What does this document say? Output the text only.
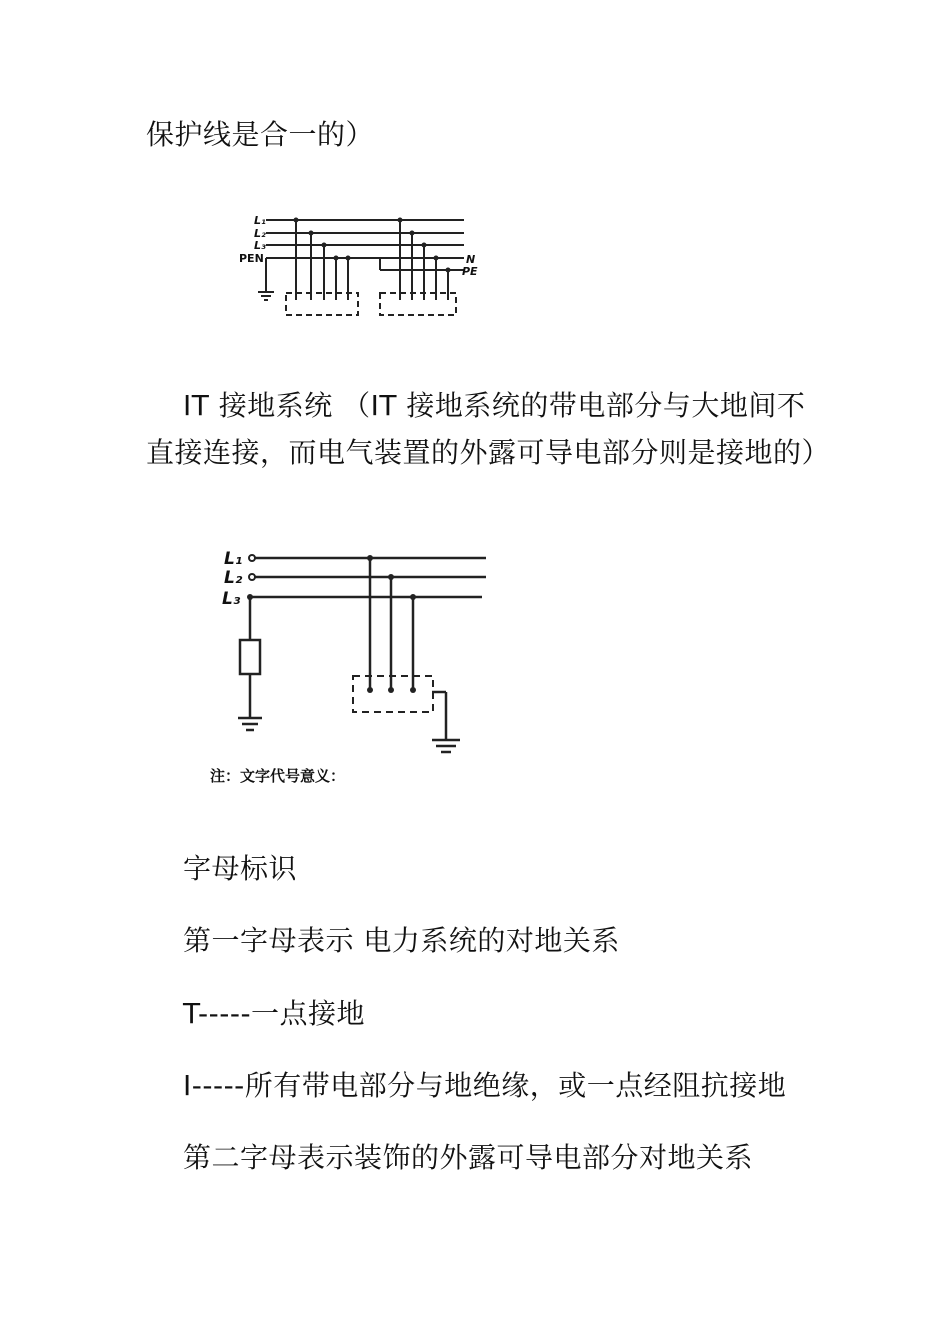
保护线是合一的）
L₁
L₂
L₃
PEN	N
PE
IT 接地系统 （IT 接地系统的带电部分与大地间不
直接连接，而电气装置的外露可导电部分则是接地的）
L₁
L₂
L₃
注：文字代号意义：
字母标识
第一字母表示 电力系统的对地关系
T-----一点接地
I-----所有带电部分与地绝缘，或一点经阻抗接地
第二字母表示装饰的外露可导电部分对地关系
